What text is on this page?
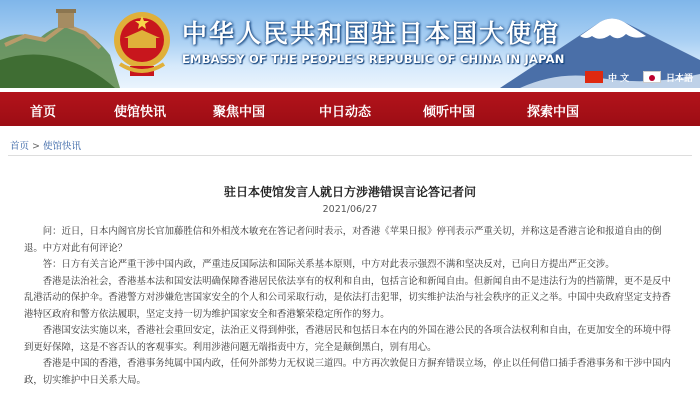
中华人民共和国驻日本国大使馆
EMBASSY OF THE PEOPLE'S REPUBLIC OF CHINA IN JAPAN
中 文	日本語
首页	使馆快讯	聚焦中国	中日动态	倾听中国	探索中国
首页 > 使馆快讯
驻日本使馆发言人就日方涉港错误言论答记者问
2021/06/27

问：近日，日本内阁官房长官加藤胜信和外相茂木敏充在答记者问时表示，对香港《苹果日报》停刊表示严重关切，并称这是香港言论和报道自由的倒退。中方对此有何评论？

答：日方有关言论严重干涉中国内政，严重违反国际法和国际关系基本原则，中方对此表示强烈不满和坚决反对，已向日方提出严正交涉。

香港是法治社会，香港基本法和国安法明确保障香港居民依法享有的权利和自由，包括言论和新闻自由。但新闻自由不是违法行为的挡箭牌，更不是反中乱港活动的保护伞。香港警方对涉嫌危害国家安全的个人和公司采取行动，是依法打击犯罪，切实维护法治与社会秩序的正义之举。中国中央政府坚定支持香港特区政府和警方依法履职，坚定支持一切为维护国家安全和香港繁荣稳定所作的努力。

香港国安法实施以来，香港社会重回安定，法治正义得到伸张，香港居民和包括日本在内的外国在港公民的各项合法权利和自由，在更加安全的环境中得到更好保障，这是不容否认的客观事实。利用涉港问题无端指责中方，完全是颠倒黑白，别有用心。

香港是中国的香港，香港事务纯属中国内政，任何外部势力无权说三道四。中方再次敦促日方摒弃错误立场，停止以任何借口插手香港事务和干涉中国内政，切实维护中日关系大局。
